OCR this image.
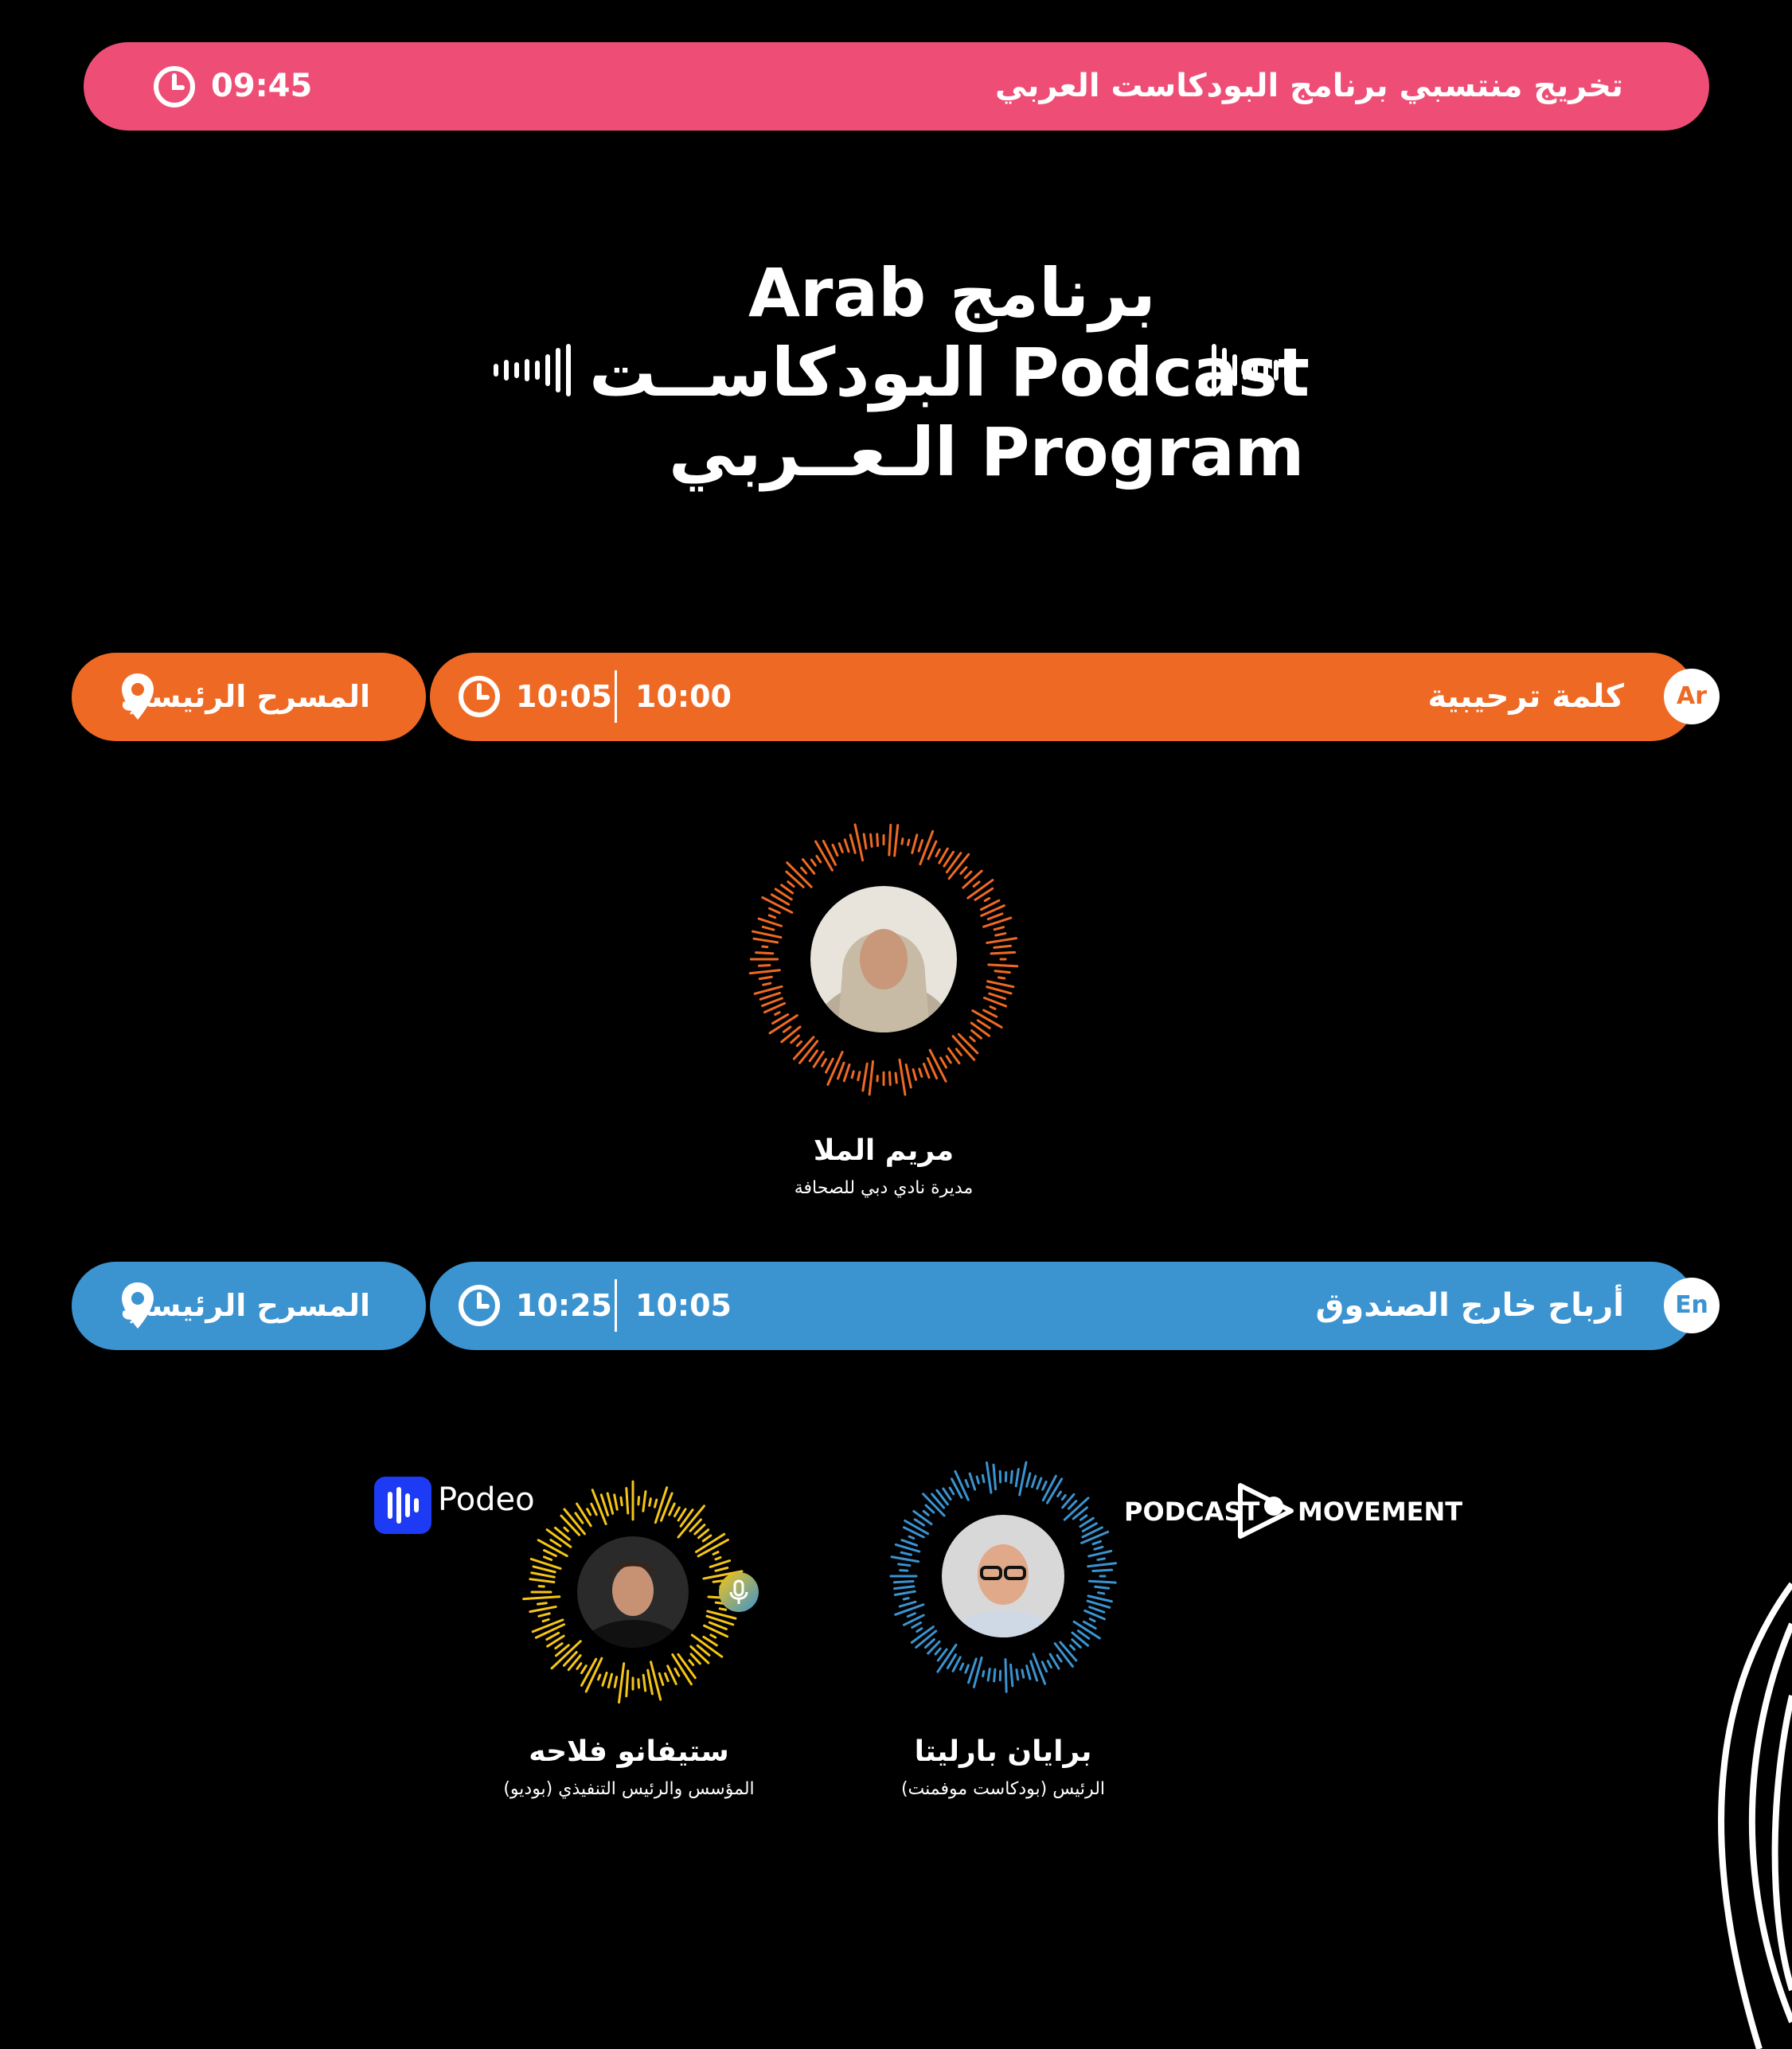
تخريج منتسبي برنامج البودكاست العربي
09:45
Arab برنامج
البودكاســت Podcast
الـعــربي Program
المسرح الرئيسي	10:05 10:00	كلمة ترحيبية	Ar
مريم الملا
مديرة نادي دبي للصحافة
المسرح الرئيسي	10:25 10:05	أرباح خارج الصندوق	En
Podeo
ستيفانو فلاحه
المؤسس والرئيس التنفيذي (بوديو)
PODCAST MOVEMENT
برايان بارليتا
الرئيس (بودكاست موفمنت)
